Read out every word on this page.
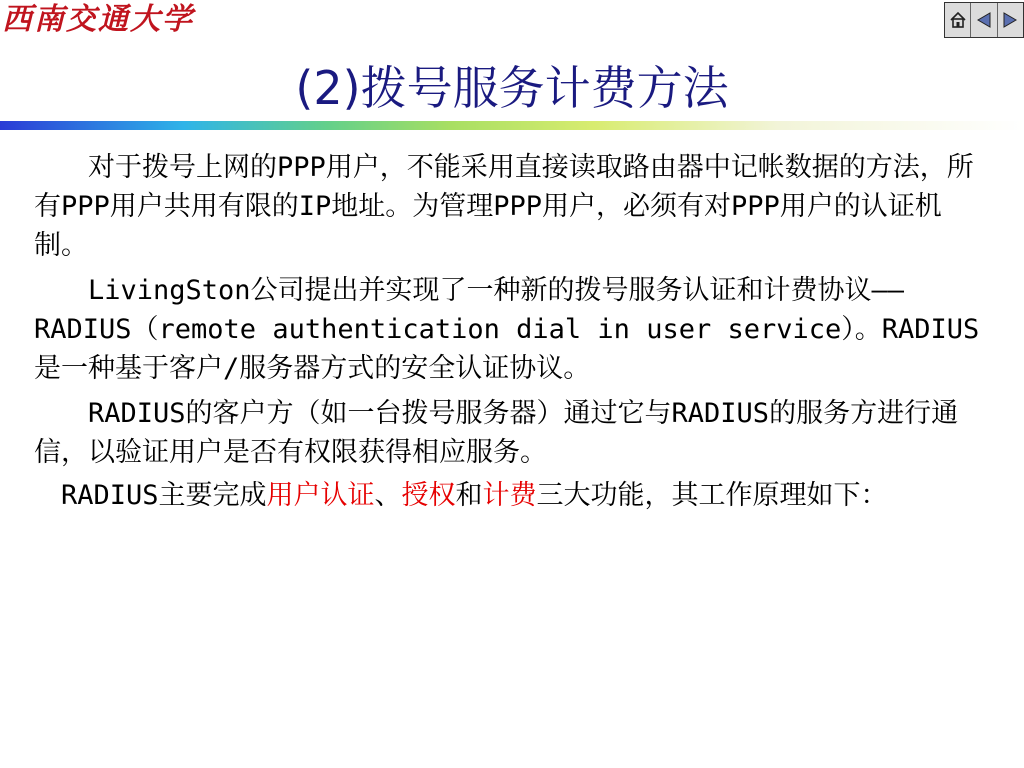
西南交通大学
(2)拨号服务计费方法

　　对于拨号上网的PPP用户，不能采用直接读取路由器中记帐数据的方法，所有PPP用户共用有限的IP地址。为管理PPP用户，必须有对PPP用户的认证机制。

　　LivingSton公司提出并实现了一种新的拨号服务认证和计费协议——RADIUS（remote authentication dial in user service）。RADIUS是一种基于客户/服务器方式的安全认证协议。

　　RADIUS的客户方（如一台拨号服务器）通过它与RADIUS的服务方进行通信，以验证用户是否有权限获得相应服务。

　RADIUS主要完成用户认证、授权和计费三大功能，其工作原理如下：
